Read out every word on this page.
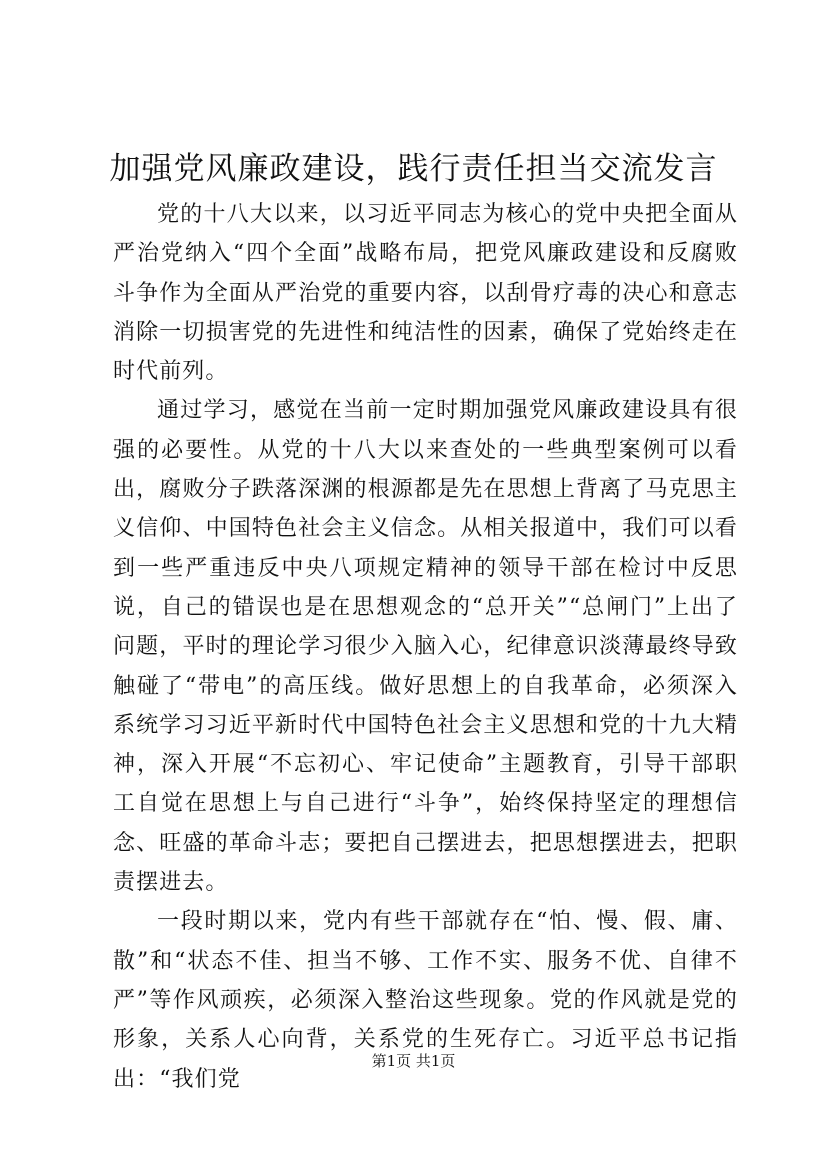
加强党风廉政建设，践行责任担当交流发言

党的十八大以来，以习近平同志为核心的党中央把全面从严治党纳入“四个全面”战略布局，把党风廉政建设和反腐败斗争作为全面从严治党的重要内容，以刮骨疗毒的决心和意志消除一切损害党的先进性和纯洁性的因素，确保了党始终走在时代前列。

通过学习，感觉在当前一定时期加强党风廉政建设具有很强的必要性。从党的十八大以来查处的一些典型案例可以看出，腐败分子跌落深渊的根源都是先在思想上背离了马克思主义信仰、中国特色社会主义信念。从相关报道中，我们可以看到一些严重违反中央八项规定精神的领导干部在检讨中反思说，自己的错误也是在思想观念的“总开关”“总闸门”上出了问题，平时的理论学习很少入脑入心，纪律意识淡薄最终导致触碰了“带电”的高压线。做好思想上的自我革命，必须深入系统学习习近平新时代中国特色社会主义思想和党的十九大精神，深入开展“不忘初心、牢记使命”主题教育，引导干部职工自觉在思想上与自己进行“斗争”，始终保持坚定的理想信念、旺盛的革命斗志；要把自己摆进去，把思想摆进去，把职责摆进去。

一段时期以来，党内有些干部就存在“怕、慢、假、庸、散”和“状态不佳、担当不够、工作不实、服务不优、自律不严”等作风顽疾，必须深入整治这些现象。党的作风就是党的形象，关系人心向背，关系党的生死存亡。习近平总书记指出：“我们党

第1页 共1页
